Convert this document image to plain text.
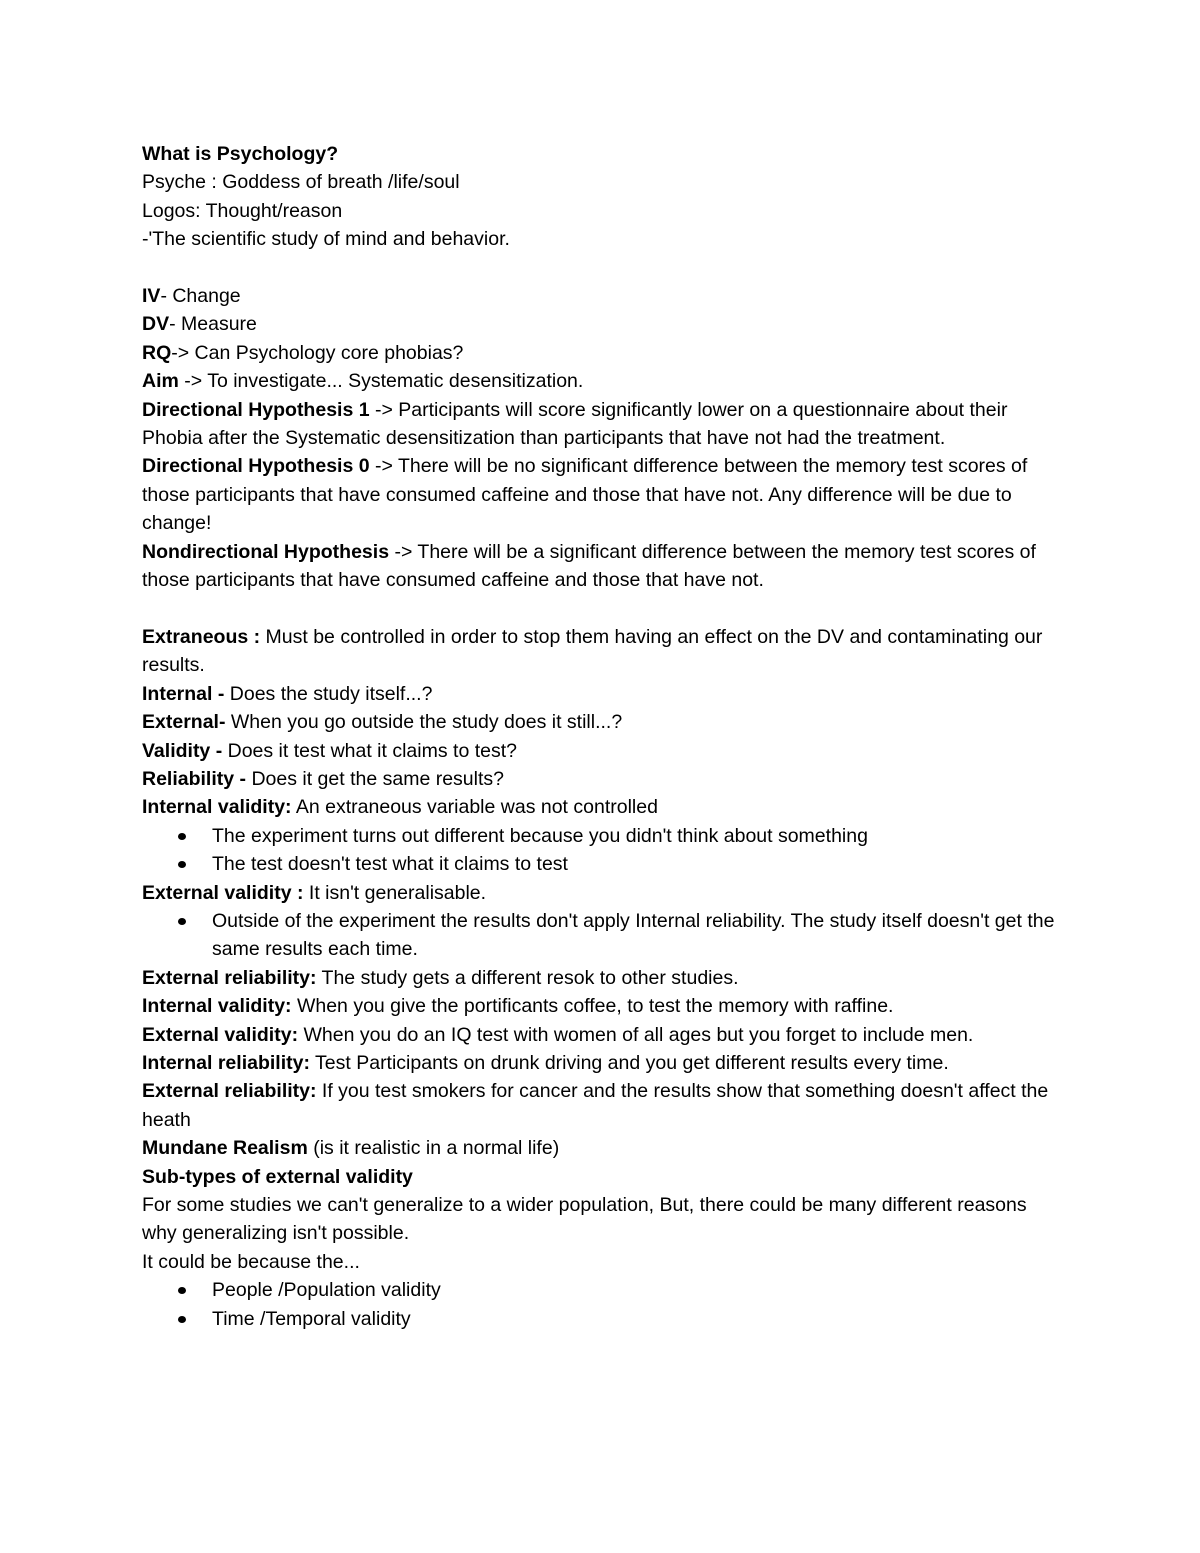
What is Psychology?

Psyche : Goddess of breath /life/soul

Logos: Thought/reason

-'The scientific study of mind and behavior.

IV- Change

DV- Measure

RQ-> Can Psychology core phobias?

Aim -> To investigate... Systematic desensitization.

Directional Hypothesis 1 -> Participants will score significantly lower on a questionnaire about their Phobia after the Systematic desensitization than participants that have not had the treatment.

Directional Hypothesis 0 -> There will be no significant difference between the memory test scores of those participants that have consumed caffeine and those that have not. Any difference will be due to change!

Nondirectional Hypothesis -> There will be a significant difference between the memory test scores of those participants that have consumed caffeine and those that have not.

Extraneous : Must be controlled in order to stop them having an effect on the DV and contaminating our results.

Internal - Does the study itself...?

External- When you go outside the study does it still...?

Validity - Does it test what it claims to test?

Reliability - Does it get the same results?

Internal validity: An extraneous variable was not controlled

The experiment turns out different because you didn't think about something
The test doesn't test what it claims to test

External validity : It isn't generalisable.

Outside of the experiment the results don't apply Internal reliability. The study itself doesn't get the same results each time.

External reliability: The study gets a different resok to other studies.

Internal validity: When you give the portificants coffee, to test the memory with raffine.

External validity: When you do an IQ test with women of all ages but you forget to include men.

Internal reliability: Test Participants on drunk driving and you get different results every time.

External reliability: If you test smokers for cancer and the results show that something doesn't affect the heath

Mundane Realism (is it realistic in a normal life)

Sub-types of external validity

For some studies we can't generalize to a wider population, But, there could be many different reasons why generalizing isn't possible.

It could be because the...

People /Population validity
Time /Temporal validity
